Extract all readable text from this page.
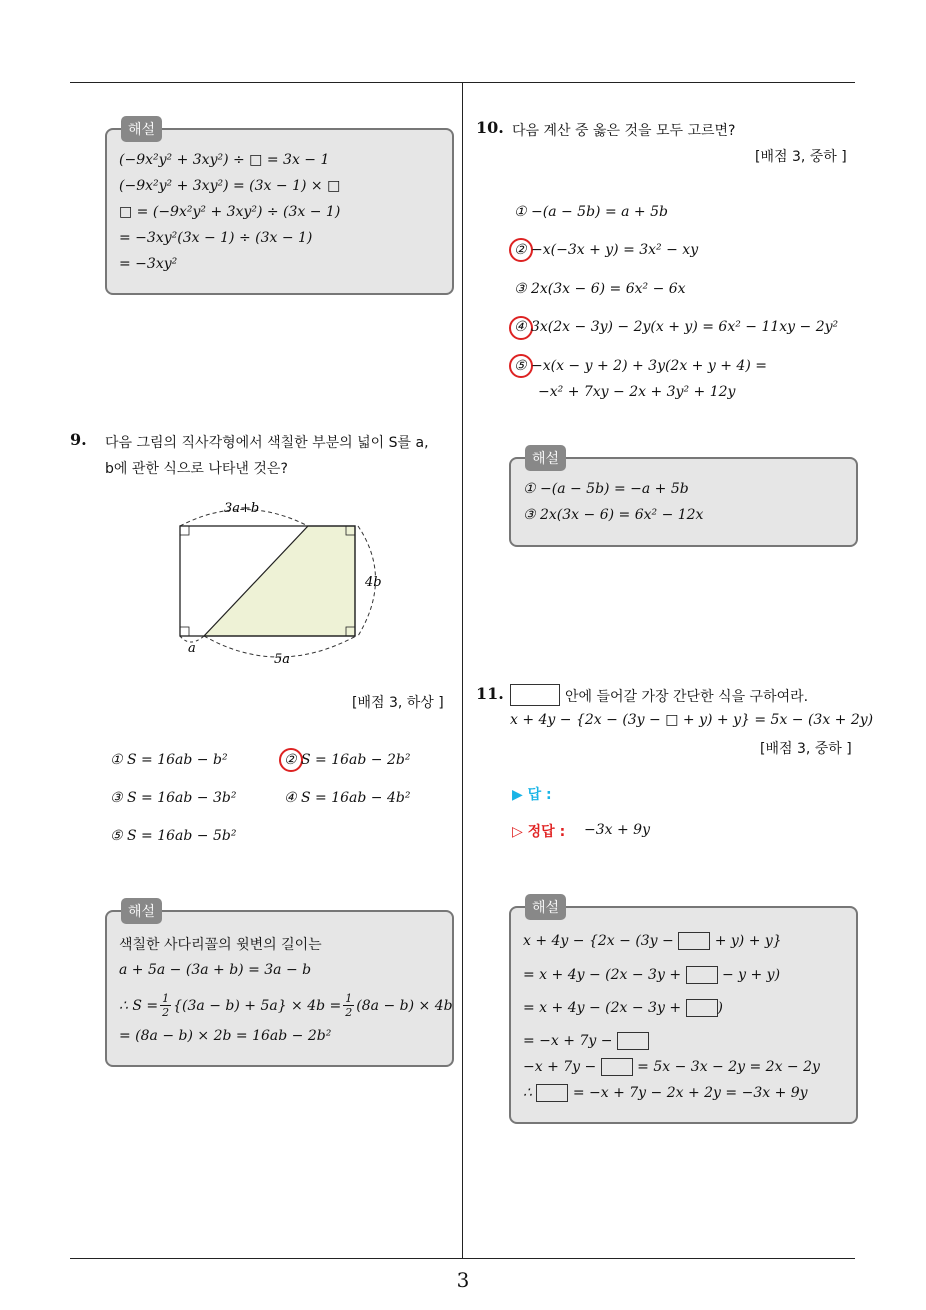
해설
(−9x²y² + 3xy²) ÷ □ = 3x − 1
(−9x²y² + 3xy²) = (3x − 1) × □
□ = (−9x²y² + 3xy²) ÷ (3x − 1)
= −3xy²(3x − 1) ÷ (3x − 1)
= −3xy²
9. 다음 그림의 직사각형에서 색칠한 부분의 넓이 S를 a,
b에 관한 식으로 나타낸 것은?
3a+b
4b
a
5a
[배점 3, 하상 ]
① S = 16ab − b²	② S = 16ab − 2b²
③ S = 16ab − 3b²	④ S = 16ab − 4b²
⑤ S = 16ab − 5b²
해설
색칠한 사다리꼴의 윗변의 길이는
a + 5a − (3a + b) = 3a − b
∴ $S = \frac{1}{2} \{(3a - b) + 5a\} \times 4b = \frac{1}{2} (8a - b) \times 4b$
= (8a − b) × 2b = 16ab − 2b²
10. 다음 계산 중 옳은 것을 모두 고르면?
[배점 3, 중하 ]
① −(a − 5b) = a + 5b
② −x(−3x + y) = 3x² − xy
③ 2x(3x − 6) = 6x² − 6x
④ 3x(2x − 3y) − 2y(x + y) = 6x² − 11xy − 2y²
⑤ −x(x − y + 2) + 3y(2x + y + 4) =
−x² + 7xy − 2x + 3y² + 12y
해설
① −(a − 5b) = −a + 5b
③ 2x(3x − 6) = 6x² − 12x
11.	안에 들어갈 가장 간단한 식을 구하여라.
x + 4y − {2x − (3y − □ + y) + y} = 5x − (3x + 2y)
[배점 3, 중하 ]
▶ 답 :
▷ 정답 : −3x + 9y
해설
x + 4y − {2x − (3y −	+ y) + y}
= x + 4y − (2x − 3y +	− y + y)
= x + 4y − (2x − 3y +	)
= −x + 7y −
−x + 7y −	= 5x − 3x − 2y = 2x − 2y
∴	= −x + 7y − 2x + 2y = −3x + 9y
3
